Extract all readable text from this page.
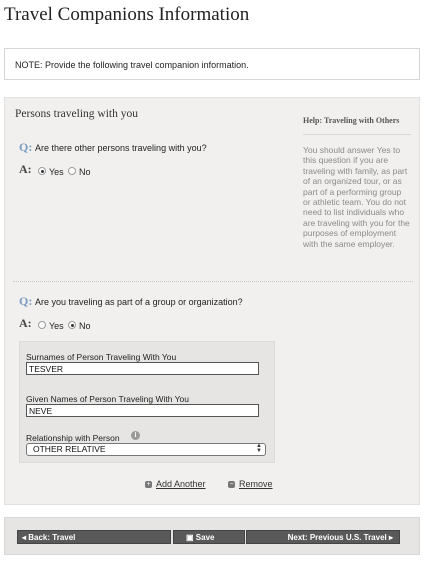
Travel Companions Information
NOTE: Provide the following travel companion information.
Persons traveling with you
Q: Are there other persons traveling with you?
A: Yes No
Help: Traveling with Others
You should answer Yes to this question if you are traveling with family, as part of an organized tour, or as part of a performing group or athletic team. You do not need to list individuals who are traveling with you for the purposes of employment with the same employer.
Q: Are you traveling as part of a group or organization?
A: Yes No
Surnames of Person Traveling With You
TESVER
Given Names of Person Traveling With You
NEVE
Relationship with Person	i
OTHER RELATIVE	▲
▼
+ Add Another	− Remove
◂ Back: Travel	▣ Save	Next: Previous U.S. Travel ▸
